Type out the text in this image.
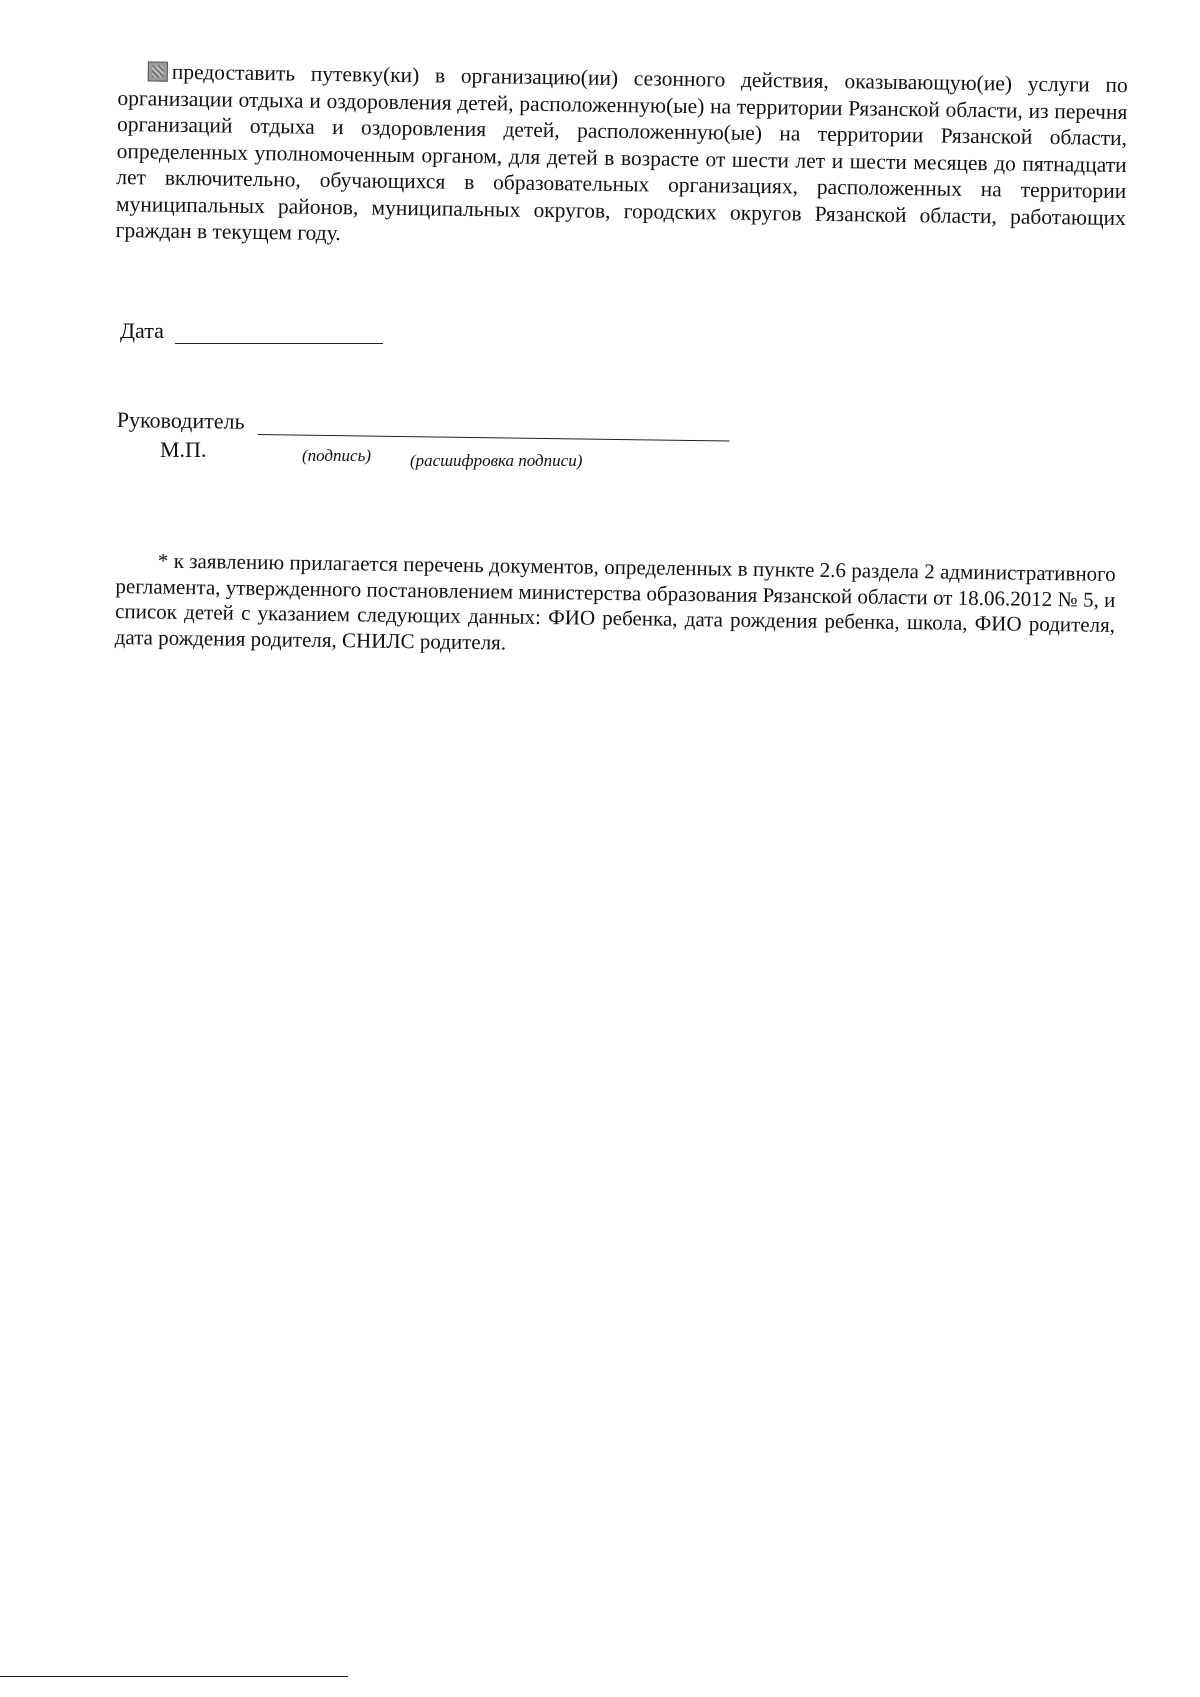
предоставить путевку(ки) в организацию(ии) сезонного действия, оказывающую(ие) услуги по организации отдыха и оздоровления детей, расположенную(ые) на территории Рязанской области, из перечня организаций отдыха и оздоровления детей, расположенную(ые) на территории Рязанской области, определенных уполномоченным органом, для детей в возрасте от шести лет и шести месяцев до пятнадцати лет включительно, обучающихся в образовательных организациях, расположенных на территории муниципальных районов, муниципальных округов, городских округов Рязанской области, работающих граждан в текущем году.

Дата
Руководитель
М.П.	(подпись) (расшифровка подписи)

* к заявлению прилагается перечень документов, определенных в пункте 2.6 раздела 2 административного регламента, утвержденного постановлением министерства образования Рязанской области от 18.06.2012 № 5, и список детей с указанием следующих данных: ФИО ребенка, дата рождения ребенка, школа, ФИО родителя, дата рождения родителя, СНИЛС родителя.
